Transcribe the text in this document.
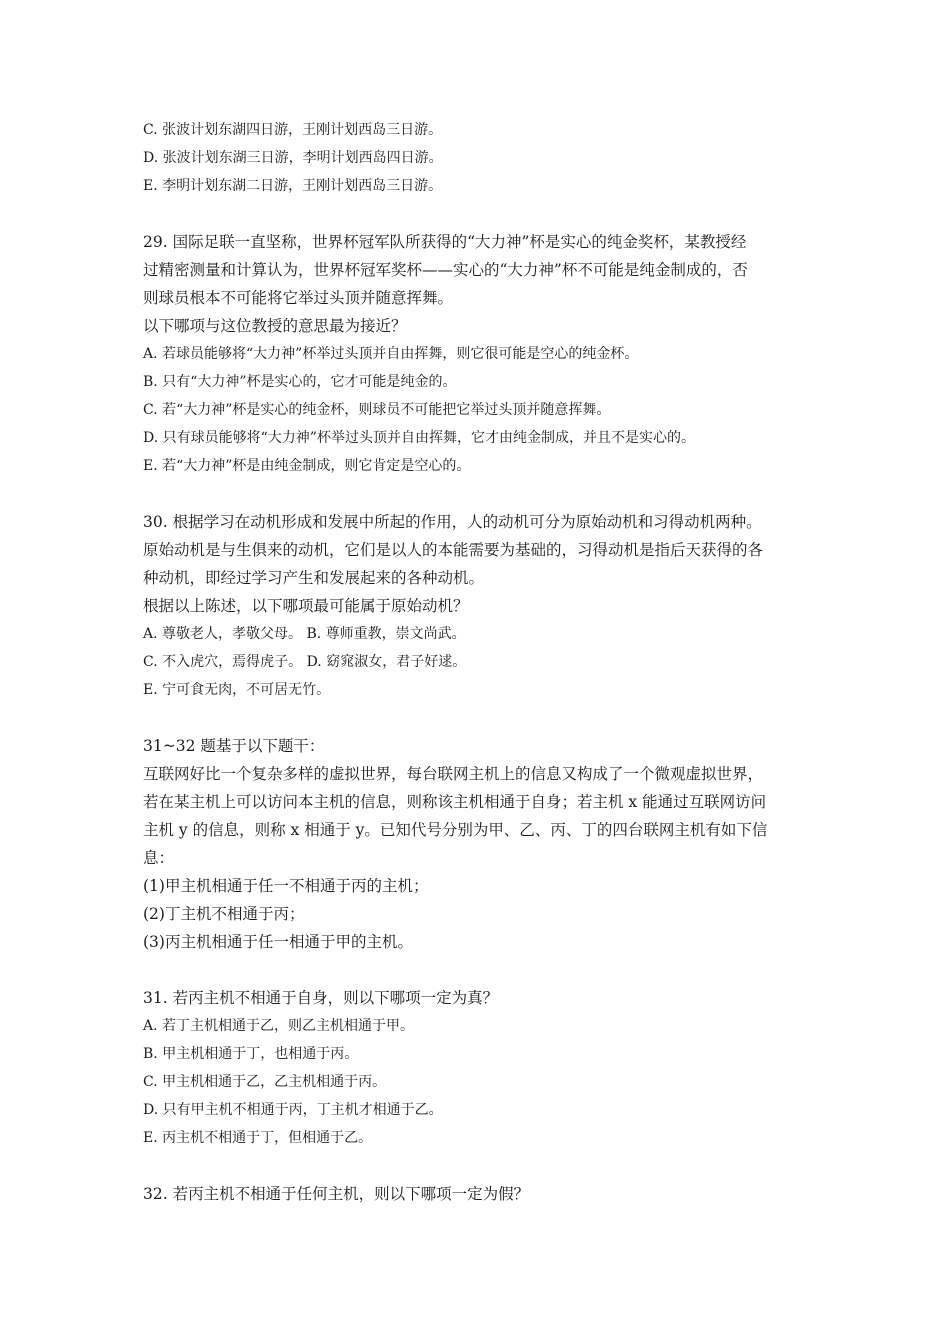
C. 张波计划东湖四日游，王刚计划西岛三日游。
D. 张波计划东湖三日游，李明计划西岛四日游。
E. 李明计划东湖二日游，王刚计划西岛三日游。
29. 国际足联一直坚称，世界杯冠军队所获得的“大力神”杯是实心的纯金奖杯，某教授经
过精密测量和计算认为，世界杯冠军奖杯——实心的“大力神”杯不可能是纯金制成的，否
则球员根本不可能将它举过头顶并随意挥舞。
以下哪项与这位教授的意思最为接近？
A. 若球员能够将“大力神”杯举过头顶并自由挥舞，则它很可能是空心的纯金杯。
B. 只有“大力神”杯是实心的，它才可能是纯金的。
C. 若“大力神”杯是实心的纯金杯，则球员不可能把它举过头顶并随意挥舞。
D. 只有球员能够将“大力神”杯举过头顶并自由挥舞，它才由纯金制成，并且不是实心的。
E. 若“大力神”杯是由纯金制成，则它肯定是空心的。
30. 根据学习在动机形成和发展中所起的作用，人的动机可分为原始动机和习得动机两种。
原始动机是与生俱来的动机，它们是以人的本能需要为基础的，习得动机是指后天获得的各
种动机，即经过学习产生和发展起来的各种动机。
根据以上陈述，以下哪项最可能属于原始动机？
A. 尊敬老人，孝敬父母。 B. 尊师重教，崇文尚武。
C. 不入虎穴，焉得虎子。 D. 窈窕淑女，君子好逑。
E. 宁可食无肉，不可居无竹。
31~32 题基于以下题干：
互联网好比一个复杂多样的虚拟世界，每台联网主机上的信息又构成了一个微观虚拟世界，
若在某主机上可以访问本主机的信息，则称该主机相通于自身；若主机 x 能通过互联网访问
主机 y 的信息，则称 x 相通于 y。已知代号分别为甲、乙、丙、丁的四台联网主机有如下信
息：
(1)甲主机相通于任一不相通于丙的主机；
(2)丁主机不相通于丙；
(3)丙主机相通于任一相通于甲的主机。
31. 若丙主机不相通于自身，则以下哪项一定为真？
A. 若丁主机相通于乙，则乙主机相通于甲。
B. 甲主机相通于丁，也相通于丙。
C. 甲主机相通于乙，乙主机相通于丙。
D. 只有甲主机不相通于丙，丁主机才相通于乙。
E. 丙主机不相通于丁，但相通于乙。
32. 若丙主机不相通于任何主机，则以下哪项一定为假？
